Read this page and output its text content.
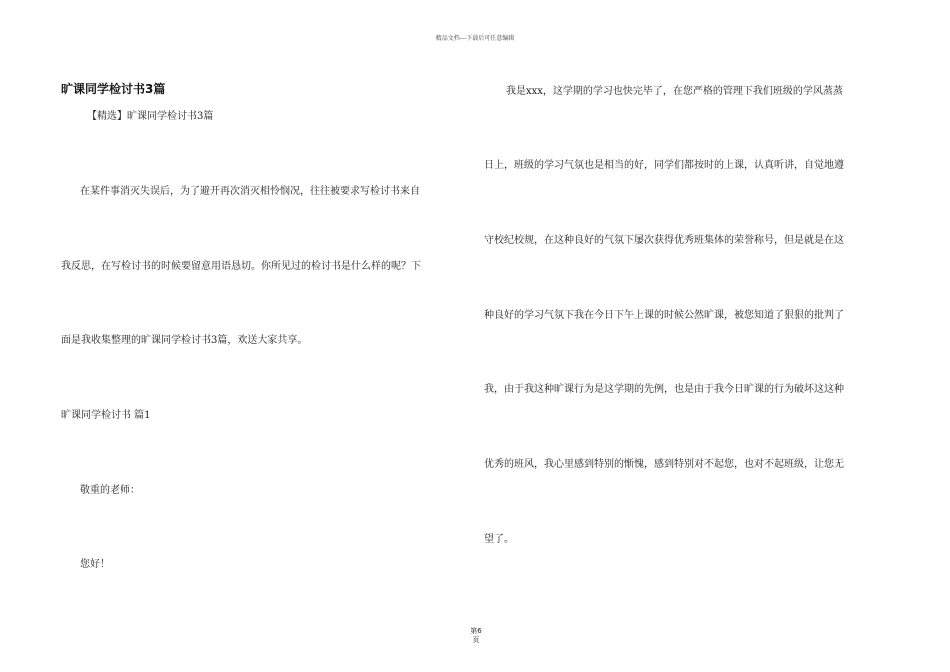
精品文档---下载后可任意编辑
旷课同学检讨书3篇
【精选】旷课同学检讨书3篇
在某件事消灭失误后，为了避开再次消灭相怜悯况，往往被要求写检讨书来自
我反思，在写检讨书的时候要留意用语恳切。你所见过的检讨书是什么样的呢？下
面是我收集整理的旷课同学检讨书3篇，欢送大家共享。
旷课同学检讨书 篇1
敬重的老师：
您好！
我是xxx，这学期的学习也快完毕了，在您严格的管理下我们班级的学风蒸蒸
日上，班级的学习气氛也是相当的好，同学们都按时的上课，认真听讲，自觉地遵
守校纪校规，在这种良好的气氛下屡次获得优秀班集体的荣誉称号，但是就是在这
种良好的学习气氛下我在今日下午上课的时候公然旷课，被您知道了狠狠的批判了
我，由于我这种旷课行为是这学期的先例，也是由于我今日旷课的行为破坏这这种
优秀的班风，我心里感到特别的惭愧，感到特别对不起您，也对不起班级，让您无
望了。
第6
页
